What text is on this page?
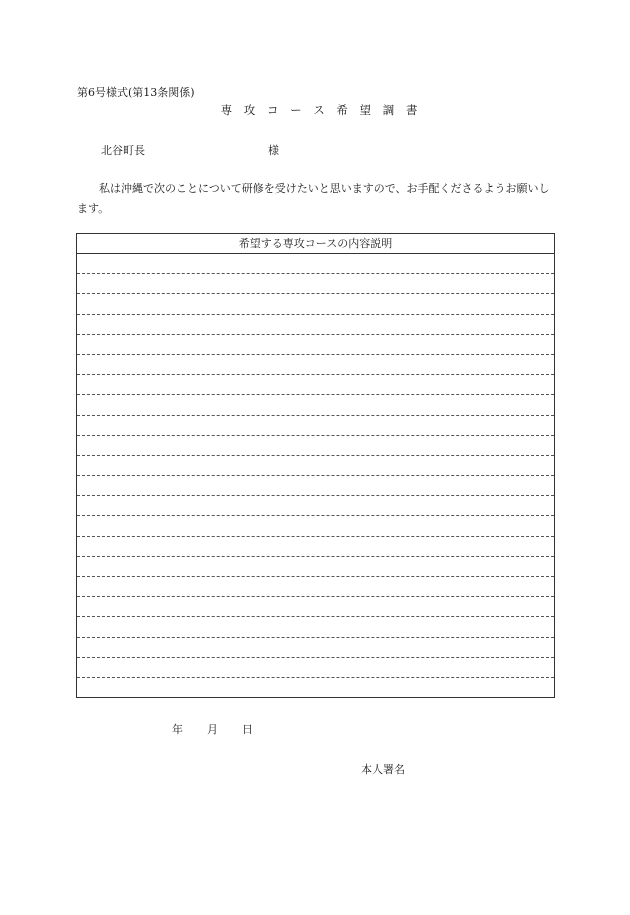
第6号様式(第13条関係)
専 攻 コ ー ス 希 望 調 書
北谷町長	様
私は沖縄で次のことについて研修を受けたいと思いますので、お手配くださるようお願いします。
希望する専攻コースの内容説明
年 月 日
本人署名
